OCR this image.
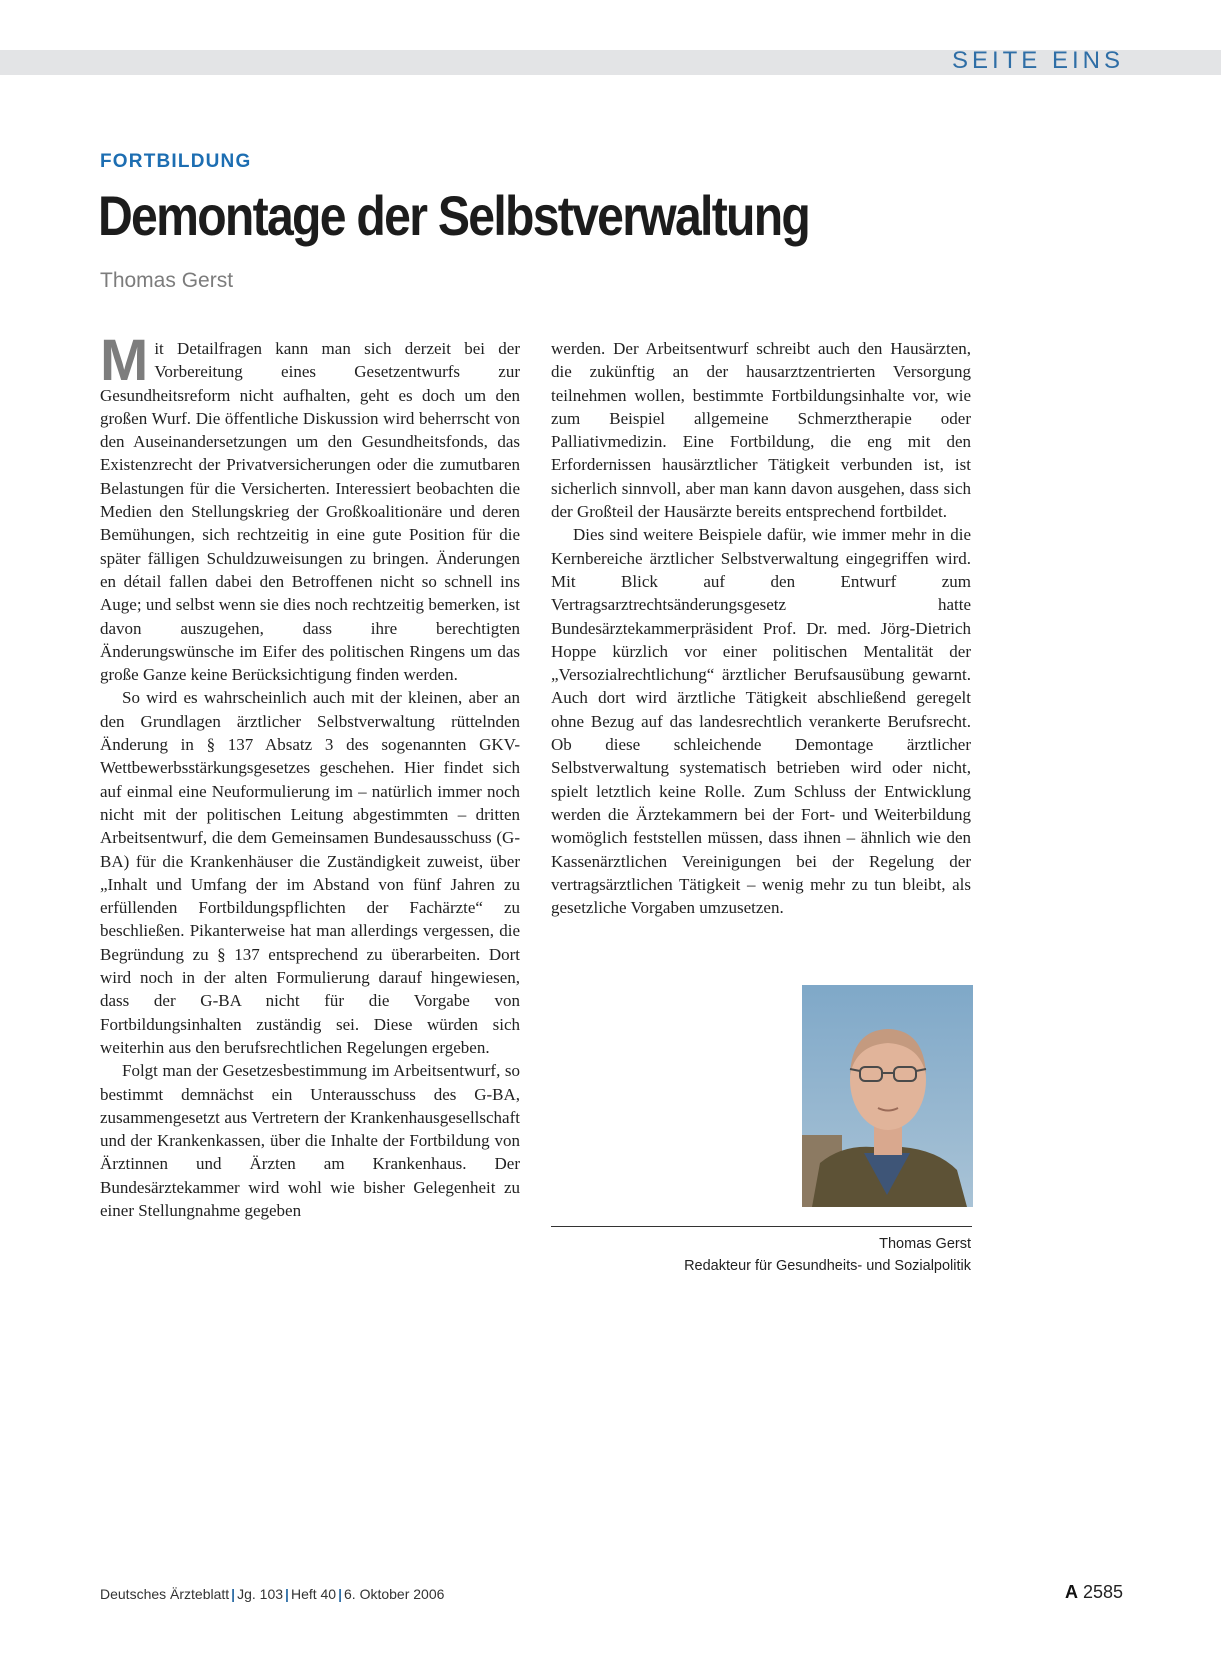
SEITE EINS
FORTBILDUNG
Demontage der Selbstverwaltung
Thomas Gerst

Mit Detailfragen kann man sich derzeit bei der Vorbereitung eines Gesetzentwurfs zur Gesundheitsreform nicht aufhalten, geht es doch um den großen Wurf. Die öffentliche Diskussion wird beherrscht von den Auseinandersetzungen um den Gesundheitsfonds, das Existenzrecht der Privatversicherungen oder die zumutbaren Belastungen für die Versicherten. Interessiert beobachten die Medien den Stellungskrieg der Großkoalitionäre und deren Bemühungen, sich rechtzeitig in eine gute Position für die später fälligen Schuldzuweisungen zu bringen. Änderungen en détail fallen dabei den Betroffenen nicht so schnell ins Auge; und selbst wenn sie dies noch rechtzeitig bemerken, ist davon auszugehen, dass ihre berechtigten Änderungswünsche im Eifer des politischen Ringens um das große Ganze keine Berücksichtigung finden werden.

So wird es wahrscheinlich auch mit der kleinen, aber an den Grundlagen ärztlicher Selbstverwaltung rüttelnden Änderung in § 137 Absatz 3 des sogenannten GKV-Wettbewerbsstärkungsgesetzes geschehen. Hier findet sich auf einmal eine Neuformulierung im – natürlich immer noch nicht mit der politischen Leitung abgestimmten – dritten Arbeitsentwurf, die dem Gemeinsamen Bundesausschuss (G-BA) für die Krankenhäuser die Zuständigkeit zuweist, über „Inhalt und Umfang der im Abstand von fünf Jahren zu erfüllenden Fortbildungspflichten der Fachärzte“ zu beschließen. Pikanterweise hat man allerdings vergessen, die Begründung zu § 137 entsprechend zu überarbeiten. Dort wird noch in der alten Formulierung darauf hingewiesen, dass der G-BA nicht für die Vorgabe von Fortbildungsinhalten zuständig sei. Diese würden sich weiterhin aus den berufsrechtlichen Regelungen ergeben.

Folgt man der Gesetzesbestimmung im Arbeitsentwurf, so bestimmt demnächst ein Unterausschuss des G-BA, zusammengesetzt aus Vertretern der Krankenhausgesellschaft und der Krankenkassen, über die Inhalte der Fortbildung von Ärztinnen und Ärzten am Krankenhaus. Der Bundesärztekammer wird wohl wie bisher Gelegenheit zu einer Stellungnahme gegeben

werden. Der Arbeitsentwurf schreibt auch den Hausärzten, die zukünftig an der hausarztzentrierten Versorgung teilnehmen wollen, bestimmte Fortbildungsinhalte vor, wie zum Beispiel allgemeine Schmerztherapie oder Palliativmedizin. Eine Fortbildung, die eng mit den Erfordernissen hausärztlicher Tätigkeit verbunden ist, ist sicherlich sinnvoll, aber man kann davon ausgehen, dass sich der Großteil der Hausärzte bereits entsprechend fortbildet.

Dies sind weitere Beispiele dafür, wie immer mehr in die Kernbereiche ärztlicher Selbstverwaltung eingegriffen wird. Mit Blick auf den Entwurf zum Vertragsarztrechtsänderungsgesetz hatte Bundesärztekammerpräsident Prof. Dr. med. Jörg-Dietrich Hoppe kürzlich vor einer politischen Mentalität der „Versozialrechtlichung“ ärztlicher Berufsausübung gewarnt. Auch dort wird ärztliche Tätigkeit abschließend geregelt ohne Bezug auf das landesrechtlich verankerte Berufsrecht. Ob diese schleichende Demontage ärztlicher Selbstverwaltung systematisch betrieben wird oder nicht, spielt letztlich keine Rolle. Zum Schluss der Entwicklung werden die Ärztekammern bei der Fort- und Weiterbildung womöglich feststellen müssen, dass ihnen – ähnlich wie den Kassenärztlichen Vereinigungen bei der Regelung der vertragsärztlichen Tätigkeit – wenig mehr zu tun bleibt, als gesetzliche Vorgaben umzusetzen.

Thomas Gerst
Redakteur für Gesundheits- und Sozialpolitik
Deutsches Ärzteblatt | Jg. 103 | Heft 40 | 6. Oktober 2006	A 2585
